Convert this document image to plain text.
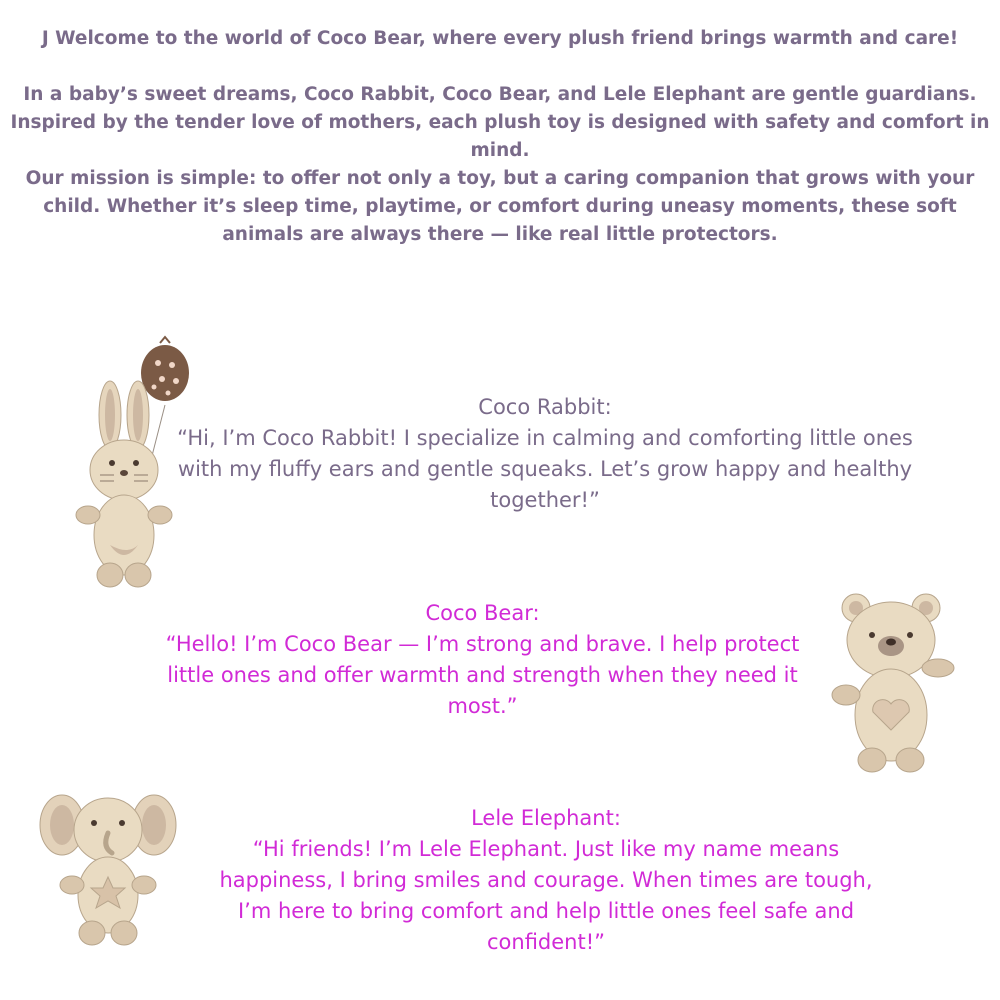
J Welcome to the world of Coco Bear, where every plush friend brings warmth and care!

In a baby’s sweet dreams, Coco Rabbit, Coco Bear, and Lele Elephant are gentle guardians. Inspired by the tender love of mothers, each plush toy is designed with safety and comfort in mind.

Our mission is simple: to offer not only a toy, but a caring companion that grows with your child. Whether it’s sleep time, playtime, or comfort during uneasy moments, these soft animals are always there — like real little protectors.

Coco Rabbit:
“Hi, I’m Coco Rabbit! I specialize in calming and comforting little ones with my fluffy ears and gentle squeaks. Let’s grow happy and healthy together!”
Coco Bear:
“Hello! I’m Coco Bear — I’m strong and brave. I help protect little ones and offer warmth and strength when they need it most.”
Lele Elephant:
“Hi friends! I’m Lele Elephant. Just like my name means happiness, I bring smiles and courage. When times are tough, I’m here to bring comfort and help little ones feel safe and confident!”
